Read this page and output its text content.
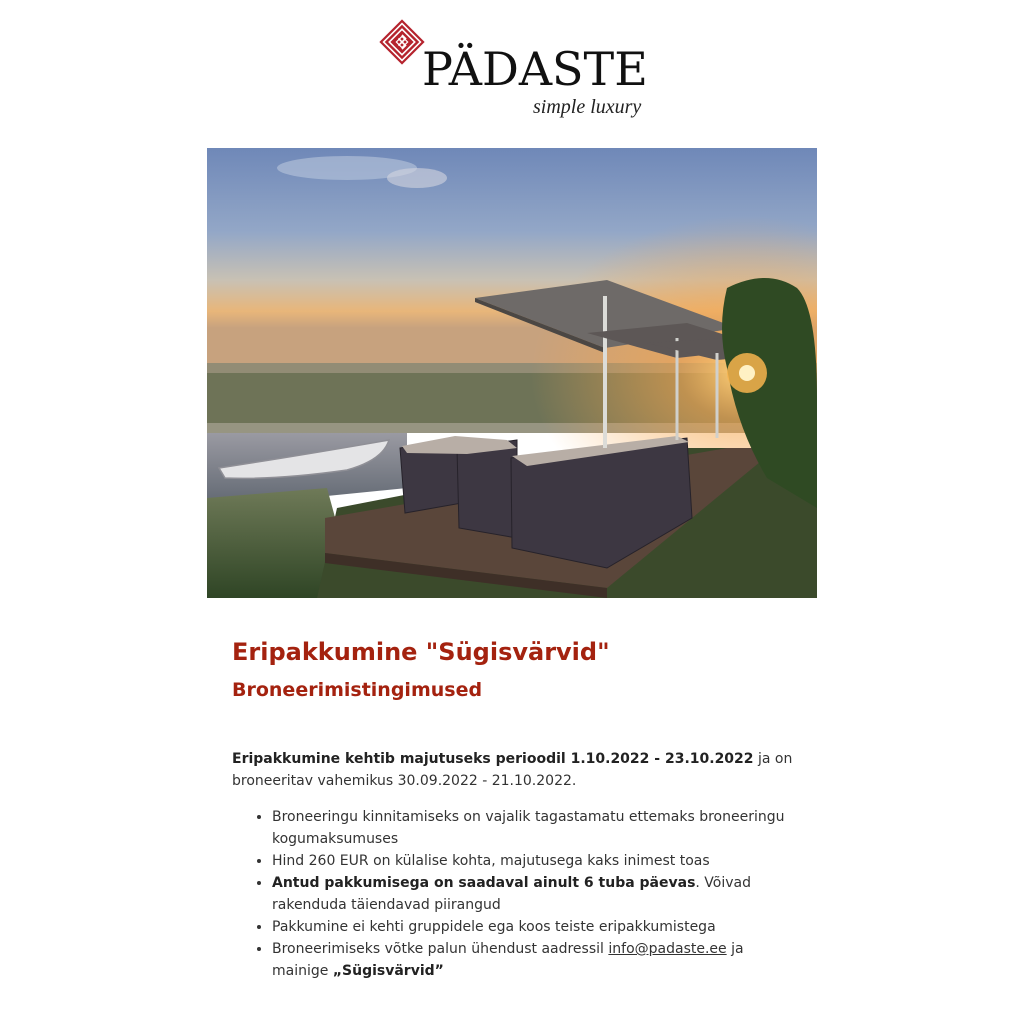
PÄDASTE
simple luxury
Eripakkumine "Sügisvärvid"
Broneerimistingimused

Eripakkumine kehtib majutuseks perioodil 1.10.2022 - 23.10.2022 ja on broneeritav vahemikus 30.09.2022 - 21.10.2022.

• Broneeringu kinnitamiseks on vajalik tagastamatu ettemaks broneeringu kogumaksumuses
• Hind 260 EUR on külalise kohta, majutusega kaks inimest toas
• Antud pakkumisega on saadaval ainult 6 tuba päevas. Võivad rakenduda täiendavad piirangud
• Pakkumine ei kehti gruppidele ega koos teiste eripakkumistega
• Broneerimiseks võtke palun ühendust aadressil info@padaste.ee ja mainige „Sügisvärvid”
